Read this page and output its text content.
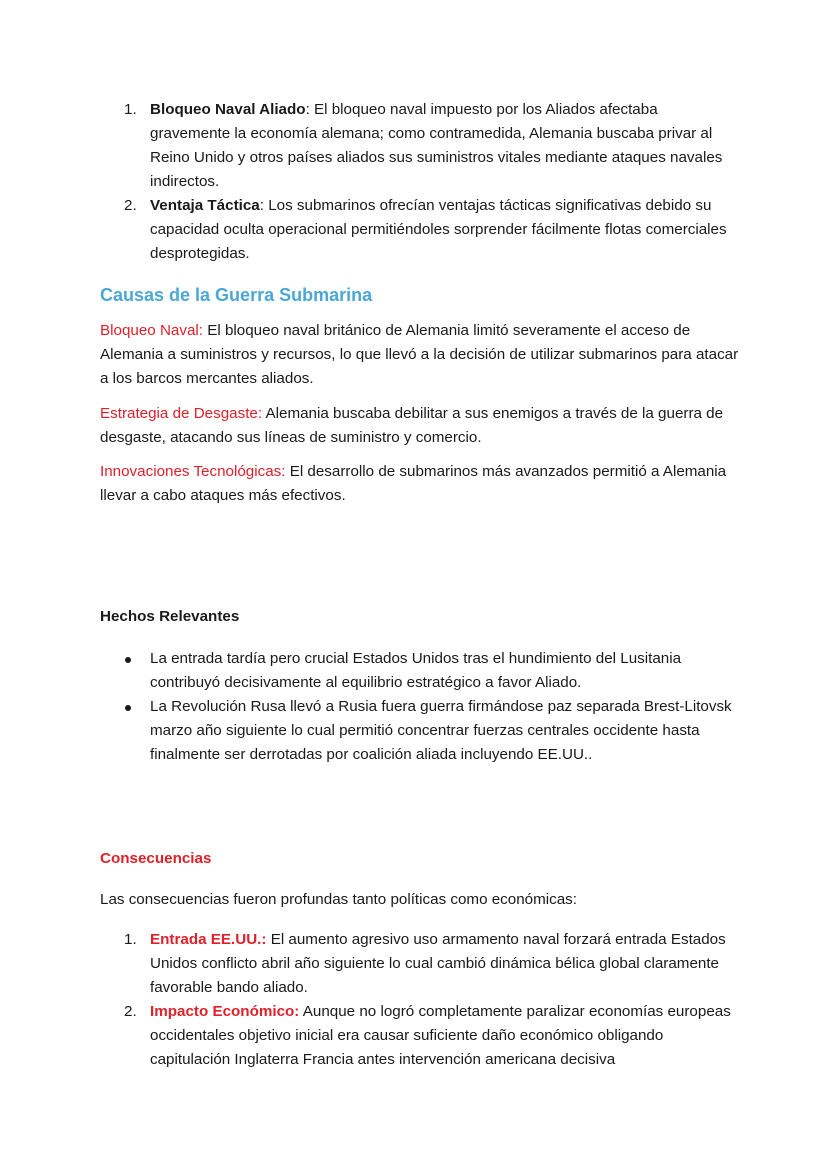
1. Bloqueo Naval Aliado: El bloqueo naval impuesto por los Aliados afectaba gravemente la economía alemana; como contramedida, Alemania buscaba privar al Reino Unido y otros países aliados sus suministros vitales mediante ataques navales indirectos.
2. Ventaja Táctica: Los submarinos ofrecían ventajas tácticas significativas debido su capacidad oculta operacional permitiéndoles sorprender fácilmente flotas comerciales desprotegidas.
Causas de la Guerra Submarina

Bloqueo Naval: El bloqueo naval británico de Alemania limitó severamente el acceso de Alemania a suministros y recursos, lo que llevó a la decisión de utilizar submarinos para atacar a los barcos mercantes aliados.

Estrategia de Desgaste: Alemania buscaba debilitar a sus enemigos a través de la guerra de desgaste, atacando sus líneas de suministro y comercio.

Innovaciones Tecnológicas: El desarrollo de submarinos más avanzados permitió a Alemania llevar a cabo ataques más efectivos.

Hechos Relevantes
La entrada tardía pero crucial Estados Unidos tras el hundimiento del Lusitania contribuyó decisivamente al equilibrio estratégico a favor Aliado.
La Revolución Rusa llevó a Rusia fuera guerra firmándose paz separada Brest-Litovsk marzo año siguiente lo cual permitió concentrar fuerzas centrales occidente hasta finalmente ser derrotadas por coalición aliada incluyendo EE.UU..
Consecuencias

Las consecuencias fueron profundas tanto políticas como económicas:

1. Entrada EE.UU.: El aumento agresivo uso armamento naval forzará entrada Estados Unidos conflicto abril año siguiente lo cual cambió dinámica bélica global claramente favorable bando aliado.
2. Impacto Económico: Aunque no logró completamente paralizar economías europeas occidentales objetivo inicial era causar suficiente daño económico obligando capitulación Inglaterra Francia antes intervención americana decisiva
